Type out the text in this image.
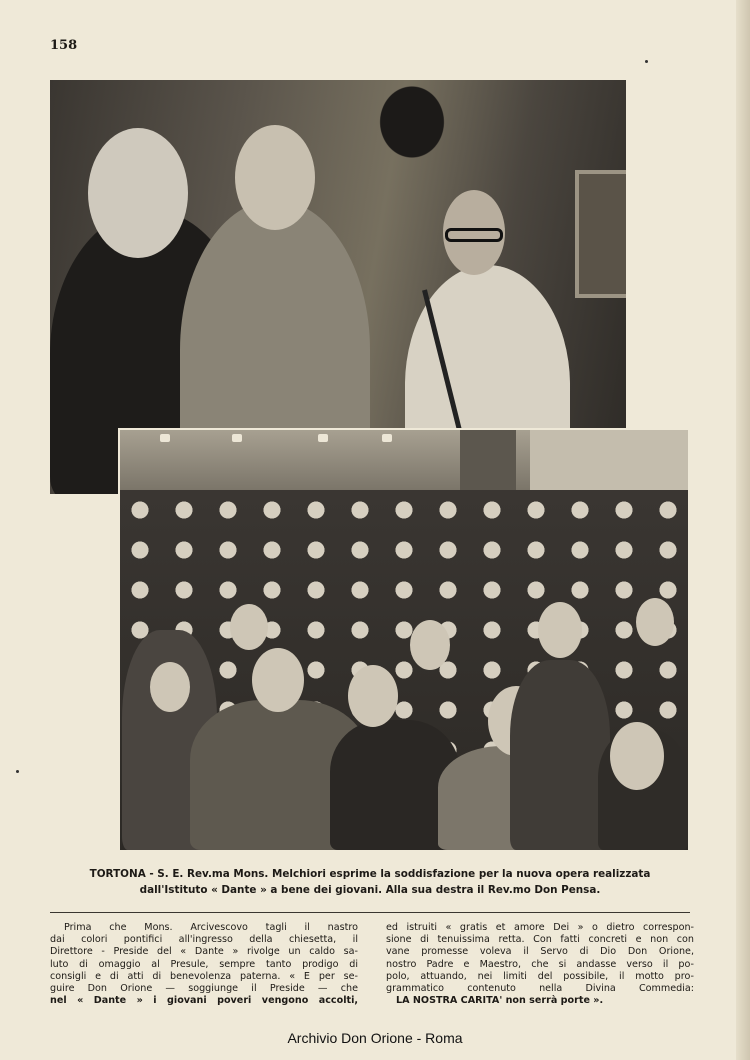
158
TORTONA - S. E. Rev.ma Mons. Melchiori esprime la soddisfazione per la nuova opera realizzata
dall'Istituto « Dante » a bene dei giovani. Alla sua destra il Rev.mo Don Pensa.
Prima che Mons. Arcivescovo tagli il nastro
dai colori pontifici all'ingresso della chiesetta, il
Direttore - Preside del « Dante » rivolge un caldo sa-
luto di omaggio al Presule, sempre tanto prodigo di
consigli e di atti di benevolenza paterna. « E per se-
guire Don Orione — soggiunge il Preside — che
nel « Dante » i giovani poveri vengono accolti,
ed istruiti « gratis et amore Dei » o dietro correspon-
sione di tenuissima retta. Con fatti concreti e non con
vane promesse voleva il Servo di Dio Don Orione,
nostro Padre e Maestro, che si andasse verso il po-
polo, attuando, nei limiti del possibile, il motto pro-
grammatico contenuto nella Divina Commedia:
LA NOSTRA CARITA' non serrà porte ».
Archivio Don Orione - Roma
